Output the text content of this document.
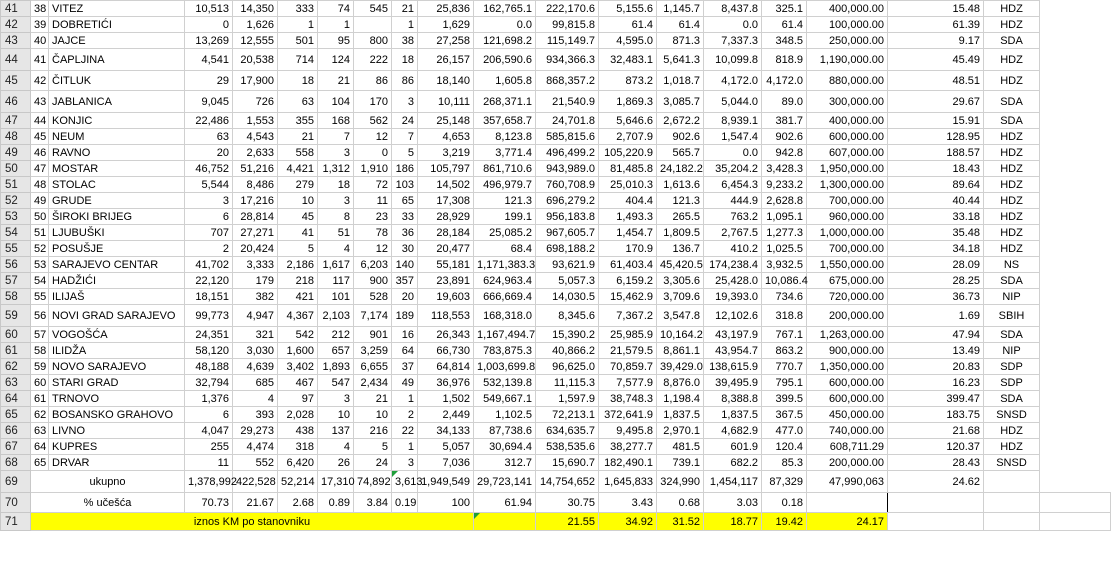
41	38	VITEZ	10,513	14,350	333	74	545	21	25,836	162,765.1	222,170.6	5,155.6	1,145.7	8,437.8	325.1	400,000.00	15.48	HDZ	
42	39	DOBRETIĆI	0	1,626	1	1		1	1,629	0.0	99,815.8	61.4	61.4	0.0	61.4	100,000.00	61.39	HDZ	
43	40	JAJCE	13,269	12,555	501	95	800	38	27,258	121,698.2	115,149.7	4,595.0	871.3	7,337.3	348.5	250,000.00	9.17	SDA	
44	41	ČAPLJINA	4,541	20,538	714	124	222	18	26,157	206,590.6	934,366.3	32,483.1	5,641.3	10,099.8	818.9	1,190,000.00	45.49	HDZ	
45	42	ČITLUK	29	17,900	18	21	86	86	18,140	1,605.8	868,357.2	873.2	1,018.7	4,172.0	4,172.0	880,000.00	48.51	HDZ	
46	43	JABLANICA	9,045	726	63	104	170	3	10,111	268,371.1	21,540.9	1,869.3	3,085.7	5,044.0	89.0	300,000.00	29.67	SDA	
47	44	KONJIC	22,486	1,553	355	168	562	24	25,148	357,658.7	24,701.8	5,646.6	2,672.2	8,939.1	381.7	400,000.00	15.91	SDA	
48	45	NEUM	63	4,543	21	7	12	7	4,653	8,123.8	585,815.6	2,707.9	902.6	1,547.4	902.6	600,000.00	128.95	HDZ	
49	46	RAVNO	20	2,633	558	3	0	5	3,219	3,771.4	496,499.2	105,220.9	565.7	0.0	942.8	607,000.00	188.57	HDZ	
50	47	MOSTAR	46,752	51,216	4,421	1,312	1,910	186	105,797	861,710.6	943,989.0	81,485.8	24,182.2	35,204.2	3,428.3	1,950,000.00	18.43	HDZ	
51	48	STOLAC	5,544	8,486	279	18	72	103	14,502	496,979.7	760,708.9	25,010.3	1,613.6	6,454.3	9,233.2	1,300,000.00	89.64	HDZ	
52	49	GRUDE	3	17,216	10	3	11	65	17,308	121.3	696,279.2	404.4	121.3	444.9	2,628.8	700,000.00	40.44	HDZ	
53	50	ŠIROKI BRIJEG	6	28,814	45	8	23	33	28,929	199.1	956,183.8	1,493.3	265.5	763.2	1,095.1	960,000.00	33.18	HDZ	
54	51	LJUBUŠKI	707	27,271	41	51	78	36	28,184	25,085.2	967,605.7	1,454.7	1,809.5	2,767.5	1,277.3	1,000,000.00	35.48	HDZ	
55	52	POSUŠJE	2	20,424	5	4	12	30	20,477	68.4	698,188.2	170.9	136.7	410.2	1,025.5	700,000.00	34.18	HDZ	
56	53	SARAJEVO CENTAR	41,702	3,333	2,186	1,617	6,203	140	55,181	1,171,383.3	93,621.9	61,403.4	45,420.5	174,238.4	3,932.5	1,550,000.00	28.09	NS	
57	54	HADŽIĆI	22,120	179	218	117	900	357	23,891	624,963.4	5,057.3	6,159.2	3,305.6	25,428.0	10,086.4	675,000.00	28.25	SDA	
58	55	ILIJAŠ	18,151	382	421	101	528	20	19,603	666,669.4	14,030.5	15,462.9	3,709.6	19,393.0	734.6	720,000.00	36.73	NIP	
59	56	NOVI GRAD SARAJEVO	99,773	4,947	4,367	2,103	7,174	189	118,553	168,318.0	8,345.6	7,367.2	3,547.8	12,102.6	318.8	200,000.00	1.69	SBIH	
60	57	VOGOŠĆA	24,351	321	542	212	901	16	26,343	1,167,494.7	15,390.2	25,985.9	10,164.2	43,197.9	767.1	1,263,000.00	47.94	SDA	
61	58	ILIDŽA	58,120	3,030	1,600	657	3,259	64	66,730	783,875.3	40,866.2	21,579.5	8,861.1	43,954.7	863.2	900,000.00	13.49	NIP	
62	59	NOVO SARAJEVO	48,188	4,639	3,402	1,893	6,655	37	64,814	1,003,699.8	96,625.0	70,859.7	39,429.0	138,615.9	770.7	1,350,000.00	20.83	SDP	
63	60	STARI GRAD	32,794	685	467	547	2,434	49	36,976	532,139.8	11,115.3	7,577.9	8,876.0	39,495.9	795.1	600,000.00	16.23	SDP	
64	61	TRNOVO	1,376	4	97	3	21	1	1,502	549,667.1	1,597.9	38,748.3	1,198.4	8,388.8	399.5	600,000.00	399.47	SDA	
65	62	BOSANSKO GRAHOVO	6	393	2,028	10	10	2	2,449	1,102.5	72,213.1	372,641.9	1,837.5	1,837.5	367.5	450,000.00	183.75	SNSD	
66	63	LIVNO	4,047	29,273	438	137	216	22	34,133	87,738.6	634,635.7	9,495.8	2,970.1	4,682.9	477.0	740,000.00	21.68	HDZ	
67	64	KUPRES	255	4,474	318	4	5	1	5,057	30,694.4	538,535.6	38,277.7	481.5	601.9	120.4	608,711.29	120.37	HDZ	
68	65	DRVAR	11	552	6,420	26	24	3	7,036	312.7	15,690.7	182,490.1	739.1	682.2	85.3	200,000.00	28.43	SNSD	
69	ukupno		1,378,992	422,528	52,214	17,310	74,892	3,613	1,949,549	29,723,141	14,754,652	1,645,833	324,990	1,454,117	87,329	47,990,063	24.62		
70	% učešća		70.73	21.67	2.68	0.89	3.84	0.19	100	61.94	30.75	3.43	0.68	3.03	0.18				
71	iznos KM po stanovniku										21.55	34.92	31.52	18.77	19.42	24.17			
